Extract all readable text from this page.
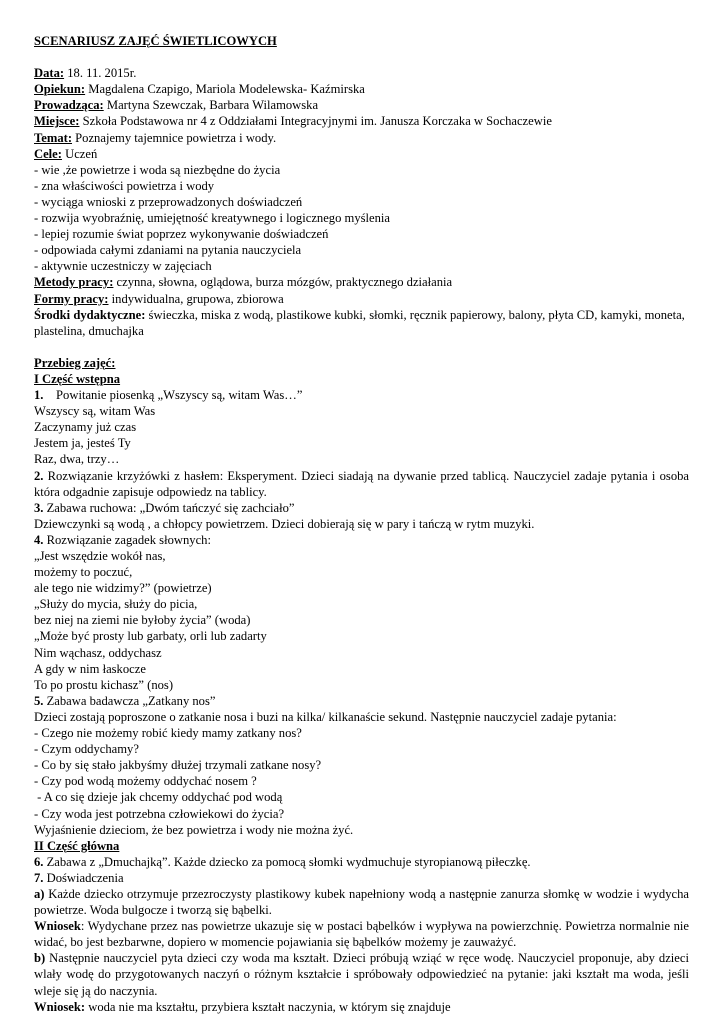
SCENARIUSZ ZAJĘĆ ŚWIETLICOWYCH
Data: 18. 11. 2015r.
Opiekun: Magdalena Czapigo, Mariola Modelewska- Kaźmirska
Prowadząca: Martyna Szewczak, Barbara Wilamowska
Miejsce: Szkoła Podstawowa nr 4 z Oddziałami Integracyjnymi im. Janusza Korczaka w Sochaczewie
Temat: Poznajemy tajemnice powietrza i wody.
Cele: Uczeń
- wie ,że powietrze i woda są niezbędne do życia
- zna właściwości powietrza i wody
- wyciąga wnioski z przeprowadzonych doświadczeń
- rozwija wyobraźnię, umiejętność kreatywnego i logicznego myślenia
- lepiej rozumie świat poprzez wykonywanie doświadczeń
- odpowiada całymi zdaniami na pytania nauczyciela
- aktywnie uczestniczy w zajęciach
Metody pracy: czynna, słowna, oglądowa, burza mózgów, praktycznego działania
Formy pracy: indywidualna, grupowa, zbiorowa
Środki dydaktyczne: świeczka, miska z wodą, plastikowe kubki, słomki, ręcznik papierowy, balony, płyta CD, kamyki, moneta, plastelina, dmuchajka
Przebieg zajęć:
I Część wstępna
1.    Powitanie piosenką „Wszyscy są, witam Was…”
Wszyscy są, witam Was
Zaczynamy już czas
Jestem ja, jesteś Ty
Raz, dwa, trzy…
2. Rozwiązanie krzyżówki z hasłem: Eksperyment. Dzieci siadają na dywanie przed tablicą. Nauczyciel zadaje pytania i osoba która odgadnie zapisuje odpowiedz na tablicy.
3. Zabawa ruchowa: „Dwóm tańczyć się zachciało”
Dziewczynki są wodą , a chłopcy powietrzem. Dzieci dobierają się w pary i tańczą w rytm muzyki.
4. Rozwiązanie zagadek słownych:
„Jest wszędzie wokół nas,
możemy to poczuć,
ale tego nie widzimy?” (powietrze)
„Służy do mycia, służy do picia,
bez niej na ziemi nie byłoby życia” (woda)
„Może być prosty lub garbaty, orli lub zadarty
Nim wąchasz, oddychasz
A gdy w nim łaskocze
To po prostu kichasz” (nos)
5. Zabawa badawcza „Zatkany nos”
Dzieci zostają poproszone o zatkanie nosa i buzi na kilka/ kilkanaście sekund. Następnie nauczyciel zadaje pytania:
- Czego nie możemy robić kiedy mamy zatkany nos?
- Czym oddychamy?
- Co by się stało jakbyśmy dłużej trzymali zatkane nosy?
- Czy pod wodą możemy oddychać nosem ?
- A co się dzieje jak chcemy oddychać pod wodą
- Czy woda jest potrzebna człowiekowi do życia?
Wyjaśnienie dzieciom, że bez powietrza i wody nie można żyć.
II Część główna
6. Zabawa z „Dmuchajką”. Każde dziecko za pomocą słomki wydmuchuje styropianową piłeczkę.
7. Doświadczenia
a) Każde dziecko otrzymuje przezroczysty plastikowy kubek napełniony wodą a następnie zanurza słomkę w wodzie i wydycha powietrze. Woda bulgocze i tworzą się bąbelki.
Wniosek: Wydychane przez nas powietrze ukazuje się w postaci bąbelków i wypływa na powierzchnię. Powietrza normalnie nie widać, bo jest bezbarwne, dopiero w momencie pojawiania się bąbelków możemy je zauważyć.
b) Następnie nauczyciel pyta dzieci czy woda ma kształt. Dzieci próbują wziąć w ręce wodę. Nauczyciel proponuje, aby dzieci wlały wodę do przygotowanych naczyń o różnym kształcie i spróbowały odpowiedzieć na pytanie: jaki kształt ma woda, jeśli wleje się ją do naczynia.
Wniosek: woda nie ma kształtu, przybiera kształt naczynia, w którym się znajduje
